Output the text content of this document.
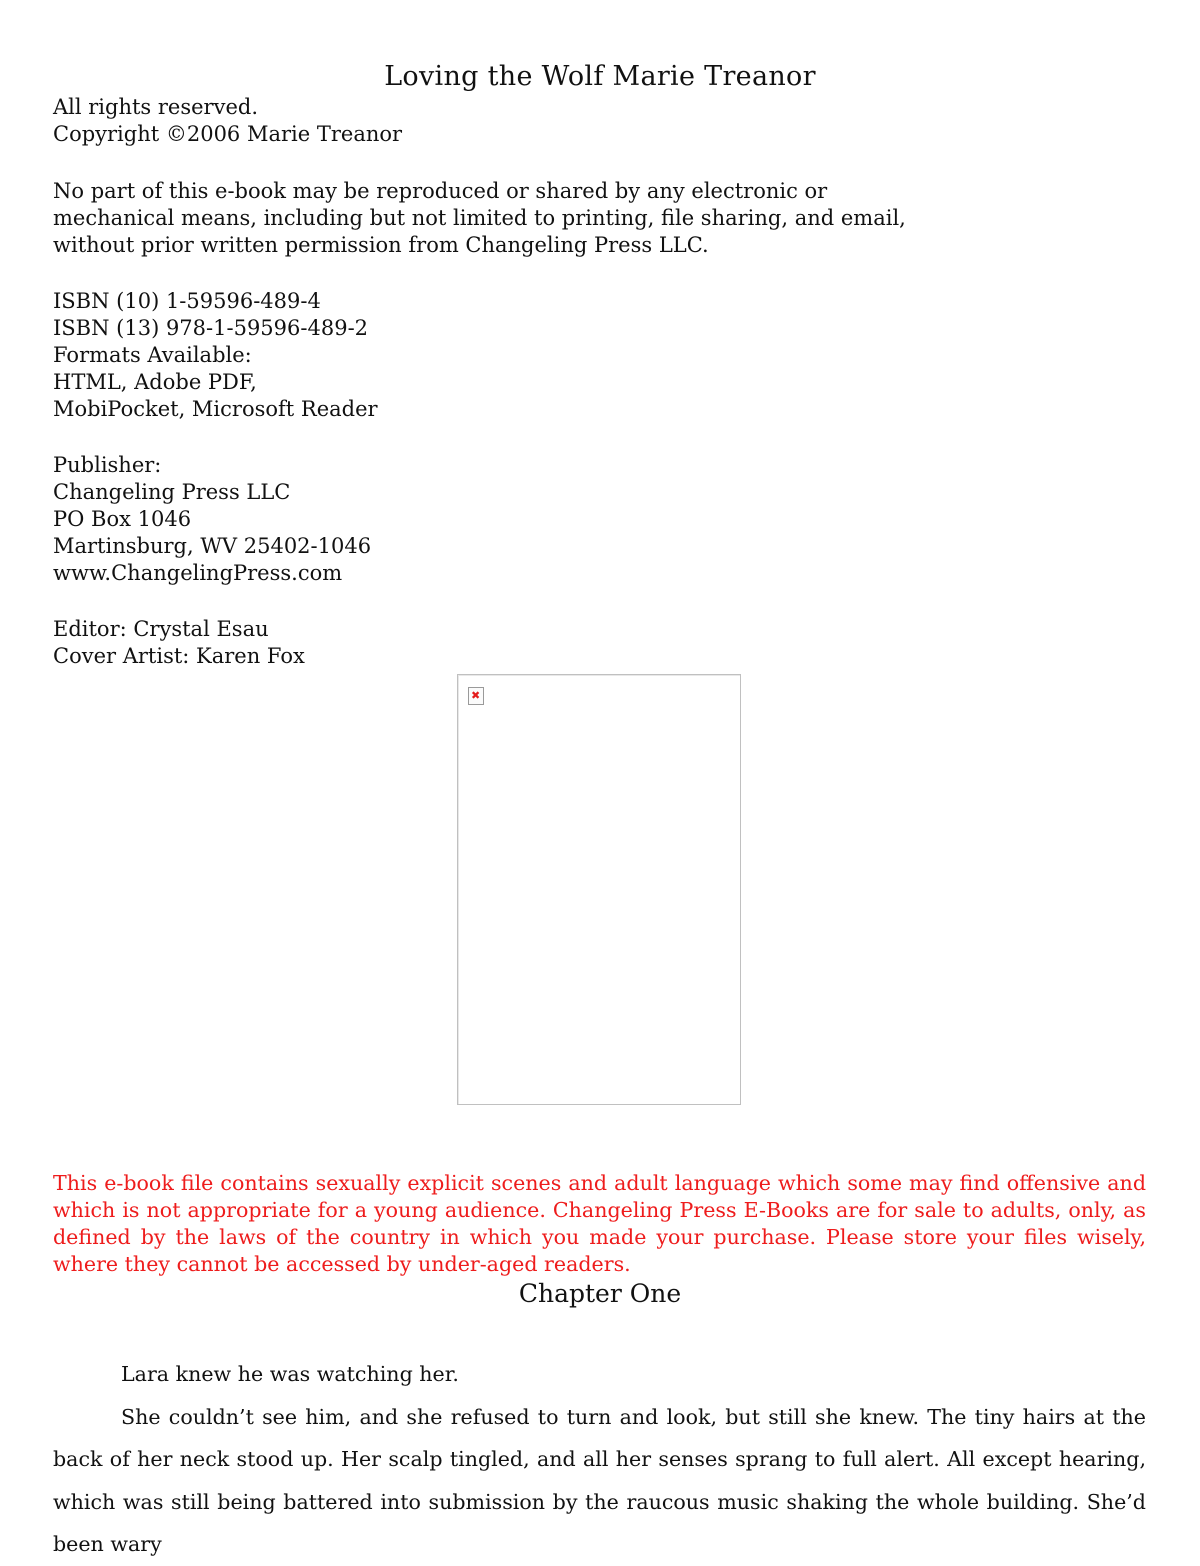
Loving the Wolf Marie Treanor
All rights reserved.
Copyright ©2006 Marie Treanor
No part of this e-book may be reproduced or shared by any electronic or mechanical means, including but not limited to printing, file sharing, and email, without prior written permission from Changeling Press LLC.
ISBN (10) 1-59596-489-4
ISBN (13) 978-1-59596-489-2
Formats Available:
HTML, Adobe PDF,
MobiPocket, Microsoft Reader
Publisher:
Changeling Press LLC
PO Box 1046
Martinsburg, WV 25402-1046
www.ChangelingPress.com
Editor: Crystal Esau
Cover Artist: Karen Fox
✖
This e-book file contains sexually explicit scenes and adult language which some may find offensive and which is not appropriate for a young audience. Changeling Press E-Books are for sale to adults, only, as defined by the laws of the country in which you made your purchase. Please store your files wisely, where they cannot be accessed by under-aged readers.
Chapter One

Lara knew he was watching her.

She couldn’t see him, and she refused to turn and look, but still she knew. The tiny hairs at the back of her neck stood up. Her scalp tingled, and all her senses sprang to full alert. All except hearing, which was still being battered into submission by the raucous music shaking the whole building. She’d been wary
